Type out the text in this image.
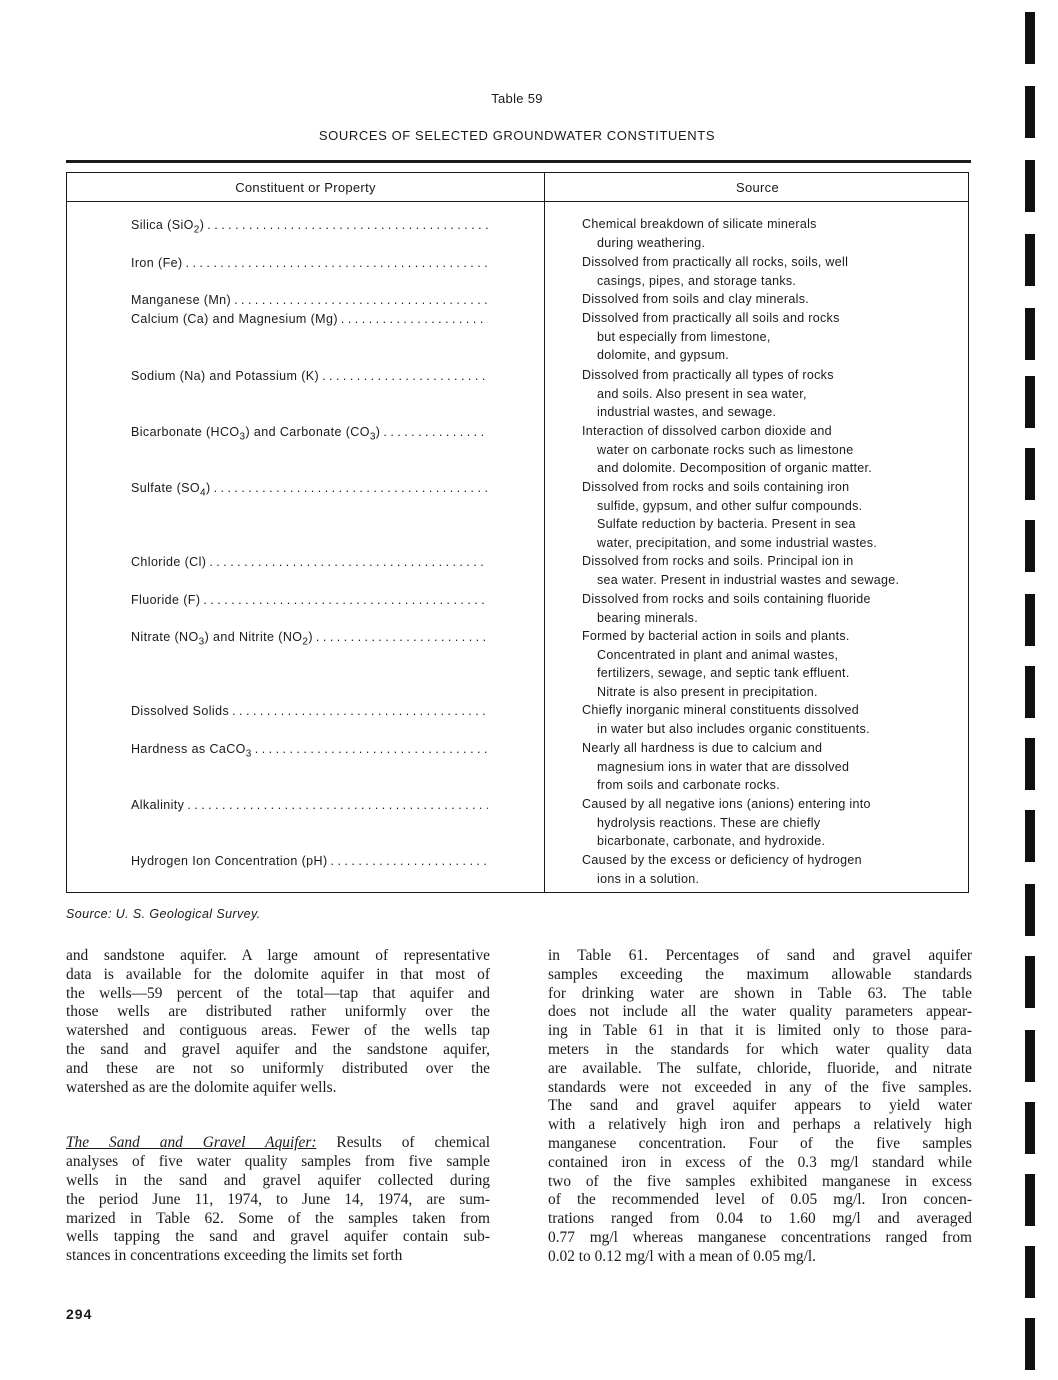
Table 59
SOURCES OF SELECTED GROUNDWATER CONSTITUENTS
Constituent or Property	Source
Silica (SiO$_2$) . . .	Chemical breakdown of silicate minerals
during weathering.
Iron (Fe) . . .	Dissolved from practically all rocks, soils, well
casings, pipes, and storage tanks.
Manganese (Mn) . . .	Dissolved from soils and clay minerals.
Calcium (Ca) and Magnesium (Mg) . . .	Dissolved from practically all soils and rocks
but especially from limestone,
dolomite, and gypsum.
Sodium (Na) and Potassium (K) . . .	Dissolved from practically all types of rocks
and soils. Also present in sea water,
industrial wastes, and sewage.
Bicarbonate $(HCO_3)$ and Carbonate $(CO_3)$ . . .	Interaction of dissolved carbon dioxide and
water on carbonate rocks such as limestone
and dolomite. Decomposition of organic matter.
Sulfate $(SO_4)$ . . .	Dissolved from rocks and soils containing iron
sulfide, gypsum, and other sulfur compounds.
Sulfate reduction by bacteria. Present in sea
water, precipitation, and some industrial wastes.
Chloride (Cl) . . .	Dissolved from rocks and soils. Principal ion in
sea water. Present in industrial wastes and sewage.
Fluoride (F) . . .	Dissolved from rocks and soils containing fluoride
bearing minerals.
Nitrate $(NO_3)$ and Nitrite $(NO_2)$ . . .	Formed by bacterial action in soils and plants.
Concentrated in plant and animal wastes,
fertilizers, sewage, and septic tank effluent.
Nitrate is also present in precipitation.
Dissolved Solids . . .	Chiefly inorganic mineral constituents dissolved
in water but also includes organic constituents.
Hardness as CaCO$_3$ . . .	Nearly all hardness is due to calcium and
magnesium ions in water that are dissolved
from soils and carbonate rocks.
Alkalinity . . .	Caused by all negative ions (anions) entering into
hydrolysis reactions. These are chiefly
bicarbonate, carbonate, and hydroxide.
Hydrogen Ion Concentration (pH) . . .	Caused by the excess or deficiency of hydrogen
ions in a solution.
Source: U. S. Geological Survey.

and sandstone aquifer. A large amount of representative
data is available for the dolomite aquifer in that most of
the wells—59 percent of the total—tap that aquifer and
those wells are distributed rather uniformly over the
watershed and contiguous areas. Fewer of the wells tap
the sand and gravel aquifer and the sandstone aquifer,
and these are not so uniformly distributed over the
watershed as are the dolomite aquifer wells.

The Sand and Gravel Aquifer: Results of chemical
analyses of five water quality samples from five sample
wells in the sand and gravel aquifer collected during
the period June 11, 1974, to June 14, 1974, are sum-
marized in Table 62. Some of the samples taken from
wells tapping the sand and gravel aquifer contain sub-
stances in concentrations exceeding the limits set forth

in Table 61. Percentages of sand and gravel aquifer
samples exceeding the maximum allowable standards
for drinking water are shown in Table 63. The table
does not include all the water quality parameters appear-
ing in Table 61 in that it is limited only to those para-
meters in the standards for which water quality data
are available. The sulfate, chloride, fluoride, and nitrate
standards were not exceeded in any of the five samples.
The sand and gravel aquifer appears to yield water
with a relatively high iron and perhaps a relatively high
manganese concentration. Four of the five samples
contained iron in excess of the 0.3 mg/l standard while
two of the five samples exhibited manganese in excess
of the recommended level of 0.05 mg/l. Iron concen-
trations ranged from 0.04 to 1.60 mg/l and averaged
0.77 mg/l whereas manganese concentrations ranged from
0.02 to 0.12 mg/l with a mean of 0.05 mg/l.

294
